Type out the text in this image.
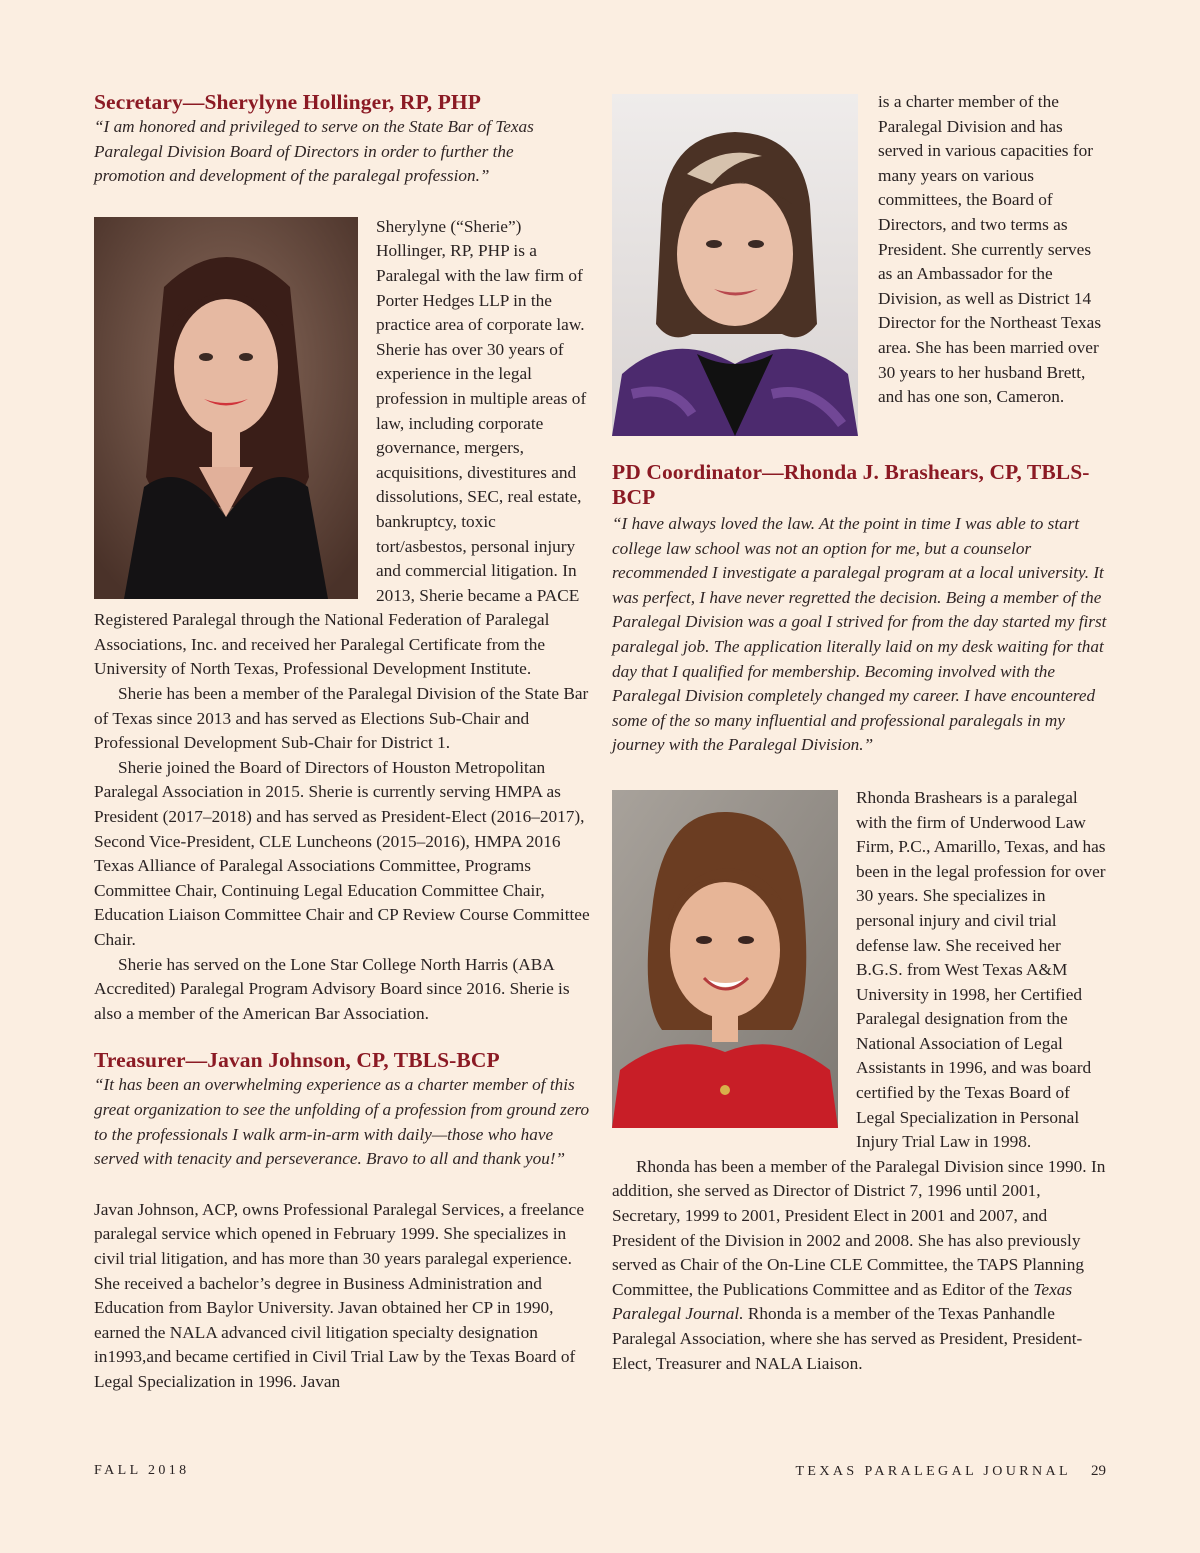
Secretary—Sherylyne Hollinger, RP, PHP

“I am honored and privileged to serve on the State Bar of Texas Paralegal Division Board of Directors in order to further the promotion and development of the paralegal profession.”

Sherylyne (“Sherie”) Hollinger, RP, PHP is a Paralegal with the law firm of Porter Hedges LLP in the practice area of corporate law. Sherie has over 30 years of experience in the legal profession in multiple areas of law, including corporate governance, mergers, acquisitions, divestitures and dissolutions, SEC, real estate, bankruptcy, toxic tort/asbestos, personal injury and commercial litigation. In 2013, Sherie became a PACE Registered Paralegal through the National Federation of Paralegal Associations, Inc. and received her Paralegal Certificate from the University of North Texas, Professional Development Institute.

Sherie has been a member of the Paralegal Division of the State Bar of Texas since 2013 and has served as Elections Sub-Chair and Professional Development Sub-Chair for District 1.

Sherie joined the Board of Directors of Houston Metropolitan Paralegal Association in 2015. Sherie is currently serving HMPA as President (2017–2018) and has served as President-Elect (2016–2017), Second Vice-President, CLE Luncheons (2015–2016), HMPA 2016 Texas Alliance of Paralegal Associations Committee, Programs Committee Chair, Continuing Legal Education Committee Chair, Education Liaison Committee Chair and CP Review Course Committee Chair.

Sherie has served on the Lone Star College North Harris (ABA Accredited) Paralegal Program Advisory Board since 2016. Sherie is also a member of the American Bar Association.

Treasurer—Javan Johnson, CP, TBLS-BCP

“It has been an overwhelming experience as a charter member of this great organization to see the unfolding of a profession from ground zero to the professionals I walk arm-in-arm with daily—those who have served with tenacity and perseverance. Bravo to all and thank you!”

Javan Johnson, ACP, owns Professional Paralegal Services, a freelance paralegal service which opened in February 1999. She specializes in civil trial litigation, and has more than 30 years paralegal experience. She received a bachelor’s degree in Business Administration and Education from Baylor University. Javan obtained her CP in 1990, earned the NALA advanced civil litigation specialty designation in1993,and became certified in Civil Trial Law by the Texas Board of Legal Specialization in 1996. Javan

is a charter member of the Paralegal Division and has served in various capacities for many years on various committees, the Board of Directors, and two terms as President. She currently serves as an Ambassador for the Division, as well as District 14 Director for the Northeast Texas area. She has been married over 30 years to her husband Brett, and has one son, Cameron.

PD Coordinator—Rhonda J. Brashears, CP, TBLS-BCP

“I have always loved the law. At the point in time I was able to start college law school was not an option for me, but a counselor recommended I investigate a paralegal program at a local university. It was perfect, I have never regretted the decision. Being a member of the Paralegal Division was a goal I strived for from the day started my first paralegal job. The application literally laid on my desk waiting for that day that I qualified for membership. Becoming involved with the Paralegal Division completely changed my career. I have encountered some of the so many influential and professional paralegals in my journey with the Paralegal Division.”

Rhonda Brashears is a paralegal with the firm of Underwood Law Firm, P.C., Amarillo, Texas, and has been in the legal profession for over 30 years. She specializes in personal injury and civil trial defense law. She received her B.G.S. from West Texas A&M University in 1998, her Certified Paralegal designation from the National Association of Legal Assistants in 1996, and was board certified by the Texas Board of Legal Specialization in Personal Injury Trial Law in 1998.

Rhonda has been a member of the Paralegal Division since 1990. In addition, she served as Director of District 7, 1996 until 2001, Secretary, 1999 to 2001, President Elect in 2001 and 2007, and President of the Division in 2002 and 2008. She has also previously served as Chair of the On-Line CLE Committee, the TAPS Planning Committee, the Publications Committee and as Editor of the Texas Paralegal Journal. Rhonda is a member of the Texas Panhandle Paralegal Association, where she has served as President, President-Elect, Treasurer and NALA Liaison.

FALL 2018	TEXAS PARALEGAL JOURNAL 29
